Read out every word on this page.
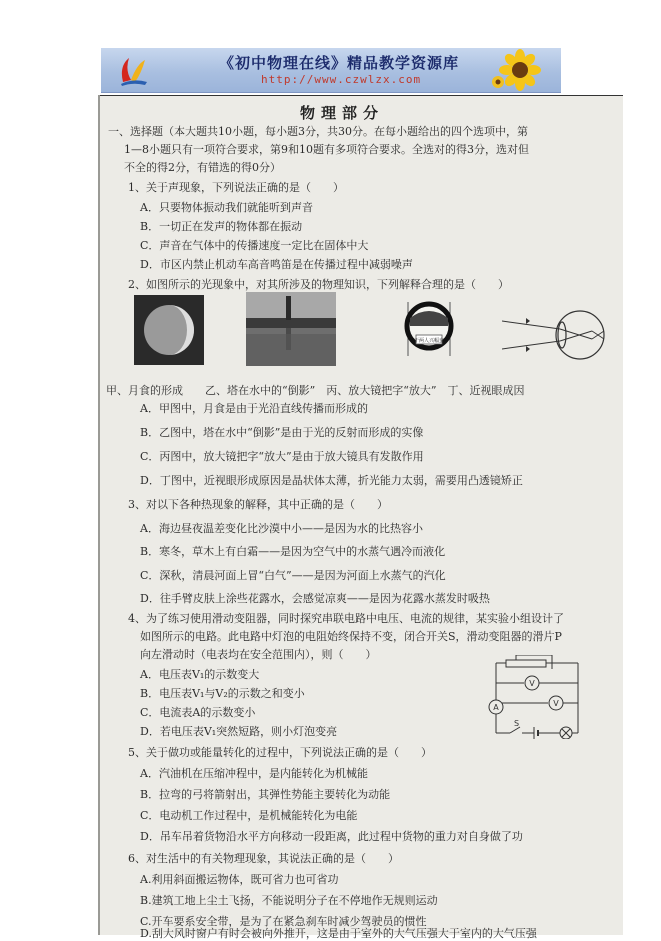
《初中物理在线》精品教学资源库
http://www.czwlzx.com
物理部分
一、选择题（本大题共10小题，每小题3分，共30分。在每小题给出的四个选项中，第
1—8小题只有一项符合要求，第9和10题有多项符合要求。全选对的得3分，选对但
不全的得2分，有错选的得0分）
1、关于声现象，下列说法正确的是（　　）
A．只要物体振动我们就能听到声音
B．一切正在发声的物体都在振动
C．声音在气体中的传播速度一定比在固体中大
D．市区内禁止机动车高音鸣笛是在传播过程中减弱噪声
2、如图所示的光现象中，对其所涉及的物理知识，下列解释合理的是（　　）
干两人兴幅蛮
甲、月食的形成　　乙、塔在水中的“倒影”　丙、放大镜把字“放大”　丁、近视眼成因
A．甲图中，月食是由于光沿直线传播而形成的
B．乙图中，塔在水中“倒影”是由于光的反射而形成的实像
C．丙图中，放大镜把字“放大”是由于放大镜具有发散作用
D．丁图中，近视眼形成原因是晶状体太薄，折光能力太弱，需要用凸透镜矫正
3、对以下各种热现象的解释，其中正确的是（　　）
A．海边昼夜温差变化比沙漠中小——是因为水的比热容小
B．寒冬，草木上有白霜——是因为空气中的水蒸气遇冷而液化
C．深秋，清晨河面上冒“白气”——是因为河面上水蒸气的汽化
D．往手臂皮肤上涂些花露水，会感觉凉爽——是因为花露水蒸发时吸热
4、为了练习使用滑动变阻器，同时探究串联电路中电压、电流的规律，某实验小组设计了
如图所示的电路。此电路中灯泡的电阻始终保持不变，闭合开关S，滑动变阻器的滑片P
向左滑动时（电表均在安全范围内），则（　　）
A．电压表V₁的示数变大
B．电压表V₁与V₂的示数之和变小
C．电流表A的示数变小
D．若电压表V₁突然短路，则小灯泡变亮
V
V
A
S
5、关于做功或能量转化的过程中，下列说法正确的是（　　）
A．汽油机在压缩冲程中，是内能转化为机械能
B．拉弯的弓将箭射出，其弹性势能主要转化为动能
C．电动机工作过程中，是机械能转化为电能
D．吊车吊着货物沿水平方向移动一段距离，此过程中货物的重力对自身做了功
6、对生活中的有关物理现象，其说法正确的是（　　）
A.利用斜面搬运物体，既可省力也可省功
B.建筑工地上尘土飞扬，不能说明分子在不停地作无规则运动
C.开车要系安全带，是为了在紧急刹车时减少驾驶员的惯性
D.刮大风时窗户有时会被向外推开，这是由于室外的大气压强大于室内的大气压强
